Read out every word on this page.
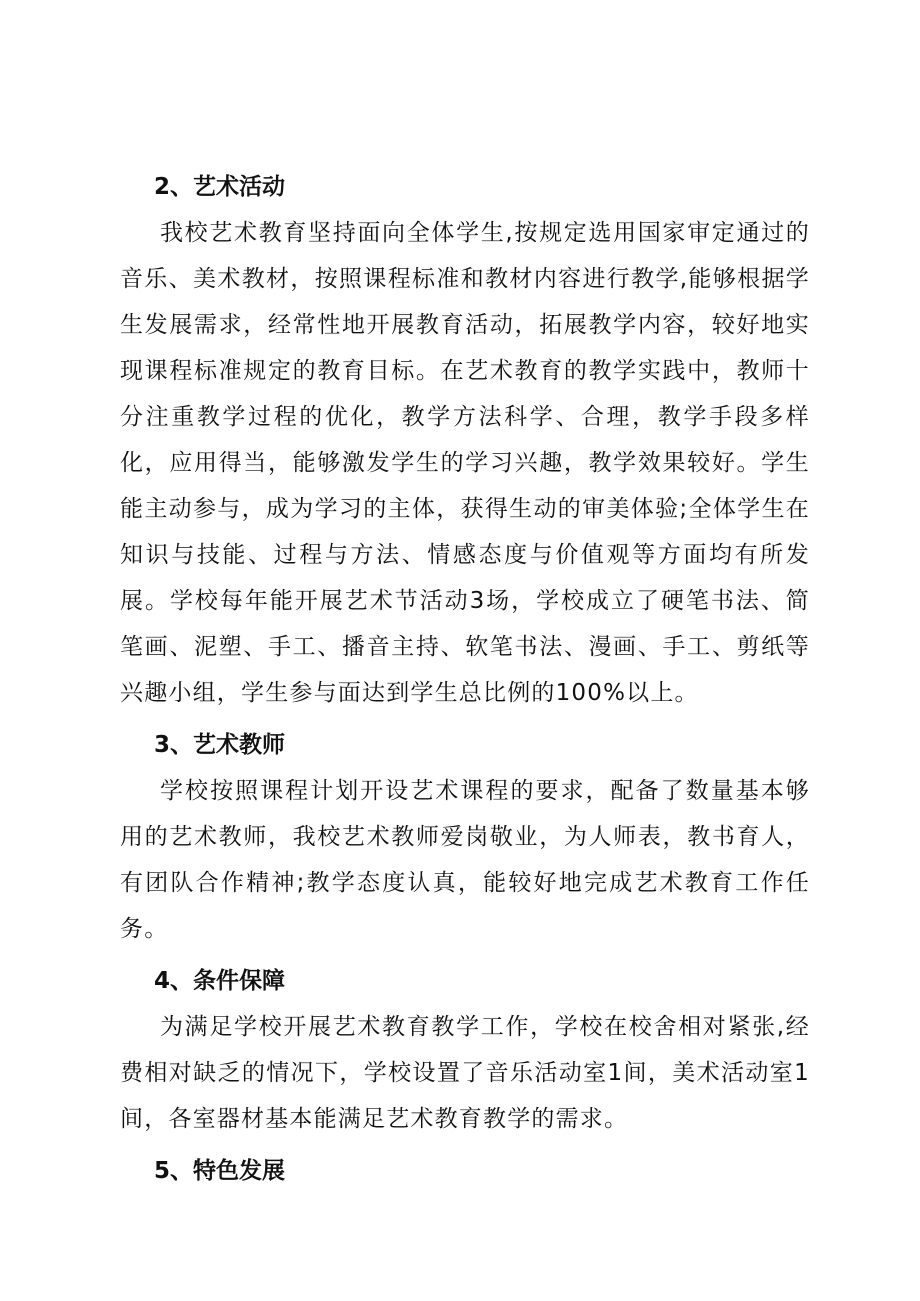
2、艺术活动

我校艺术教育坚持面向全体学生,按规定选用国家审定通过的音乐、美术教材，按照课程标准和教材内容进行教学,能够根据学生发展需求，经常性地开展教育活动，拓展教学内容，较好地实现课程标准规定的教育目标。在艺术教育的教学实践中，教师十分注重教学过程的优化，教学方法科学、合理，教学手段多样化，应用得当，能够激发学生的学习兴趣，教学效果较好。学生能主动参与，成为学习的主体，获得生动的审美体验;全体学生在知识与技能、过程与方法、情感态度与价值观等方面均有所发展。学校每年能开展艺术节活动3场，学校成立了硬笔书法、简笔画、泥塑、手工、播音主持、软笔书法、漫画、手工、剪纸等兴趣小组，学生参与面达到学生总比例的100%以上。

3、艺术教师

学校按照课程计划开设艺术课程的要求，配备了数量基本够用的艺术教师，我校艺术教师爱岗敬业，为人师表，教书育人，有团队合作精神;教学态度认真，能较好地完成艺术教育工作任务。

4、条件保障

为满足学校开展艺术教育教学工作，学校在校舍相对紧张,经费相对缺乏的情况下，学校设置了音乐活动室1间，美术活动室1间，各室器材基本能满足艺术教育教学的需求。

5、特色发展
